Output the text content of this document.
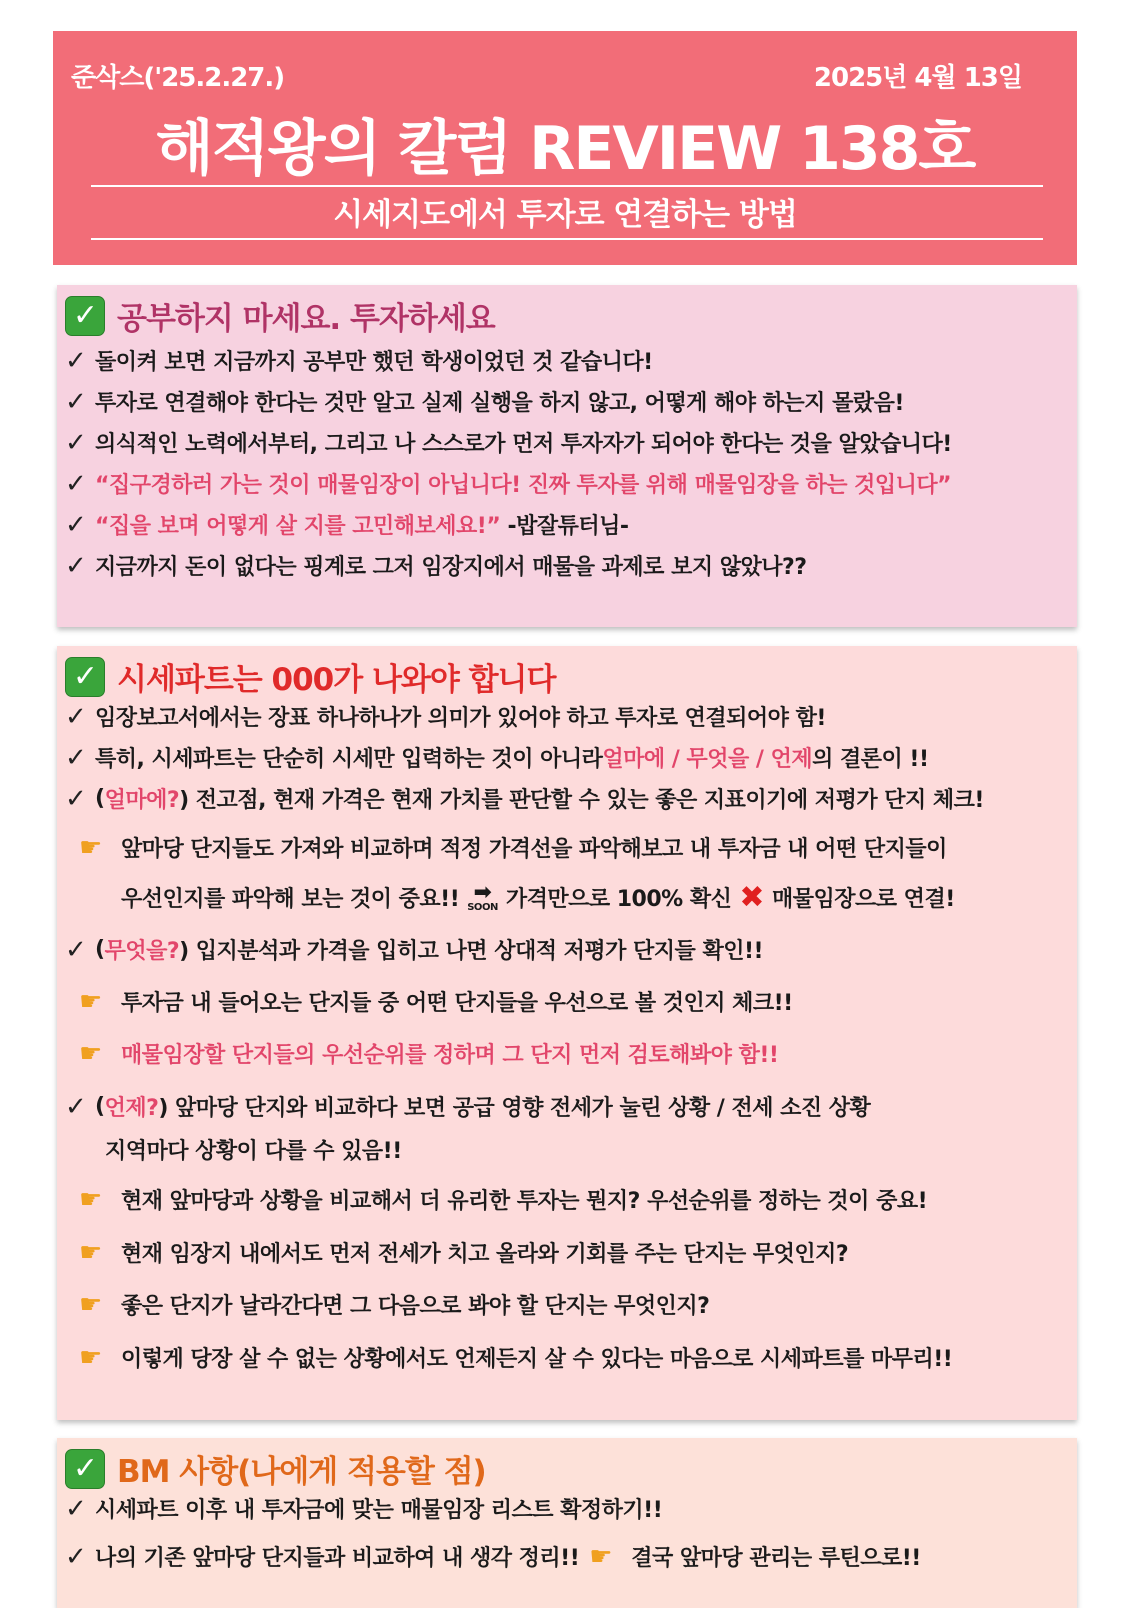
준삭스('25.2.27.)	2025년 4월 13일
해적왕의 칼럼 REVIEW 138호
시세지도에서 투자로 연결하는 방법
✓ 공부하지 마세요. 투자하세요
✓ 돌이켜 보면 지금까지 공부만 했던 학생이었던 것 같습니다!
✓ 투자로 연결해야 한다는 것만 알고 실제 실행을 하지 않고, 어떻게 해야 하는지 몰랐음!
✓ 의식적인 노력에서부터, 그리고 나 스스로가 먼저 투자자가 되어야 한다는 것을 알았습니다!
✓ “집구경하러 가는 것이 매물임장이 아닙니다! 진짜 투자를 위해 매물임장을 하는 것입니다”
✓ “집을 보며 어떻게 살 지를 고민해보세요!” -밥잘튜터님-
✓ 지금까지 돈이 없다는 핑계로 그저 임장지에서 매물을 과제로 보지 않았나??
✓ 시세파트는 000가 나와야 합니다
✓ 임장보고서에서는 장표 하나하나가 의미가 있어야 하고 투자로 연결되어야 함!
✓ 특히, 시세파트는 단순히 시세만 입력하는 것이 아니라 얼마에 / 무엇을 / 언제 의 결론이 !!
✓ ( 얼마에? ) 전고점, 현재 가격은 현재 가치를 판단할 수 있는 좋은 지표이기에 저평가 단지 체크!
☛ 앞마당 단지들도 가져와 비교하며 적정 가격선을 파악해보고 내 투자금 내 어떤 단지들이
우선인지를 파악해 보는 것이 중요!! ➡
SOON 가격만으로 100% 확신 ✖ 매물임장으로 연결!
✓ ( 무엇을? ) 입지분석과 가격을 입히고 나면 상대적 저평가 단지들 확인!!
☛ 투자금 내 들어오는 단지들 중 어떤 단지들을 우선으로 볼 것인지 체크!!
☛ 매물임장할 단지들의 우선순위를 정하며 그 단지 먼저 검토해봐야 함!!
✓ ( 언제? ) 앞마당 단지와 비교하다 보면 공급 영향 전세가 눌린 상황 / 전세 소진 상황
지역마다 상황이 다를 수 있음!!
☛ 현재 앞마당과 상황을 비교해서 더 유리한 투자는 뭔지? 우선순위를 정하는 것이 중요!
☛ 현재 임장지 내에서도 먼저 전세가 치고 올라와 기회를 주는 단지는 무엇인지?
☛ 좋은 단지가 날라간다면 그 다음으로 봐야 할 단지는 무엇인지?
☛ 이렇게 당장 살 수 없는 상황에서도 언제든지 살 수 있다는 마음으로 시세파트를 마무리!!
✓ BM 사항(나에게 적용할 점)
✓ 시세파트 이후 내 투자금에 맞는 매물임장 리스트 확정하기!!
✓ 나의 기존 앞마당 단지들과 비교하여 내 생각 정리!! ☛ 결국 앞마당 관리는 루틴으로!!
